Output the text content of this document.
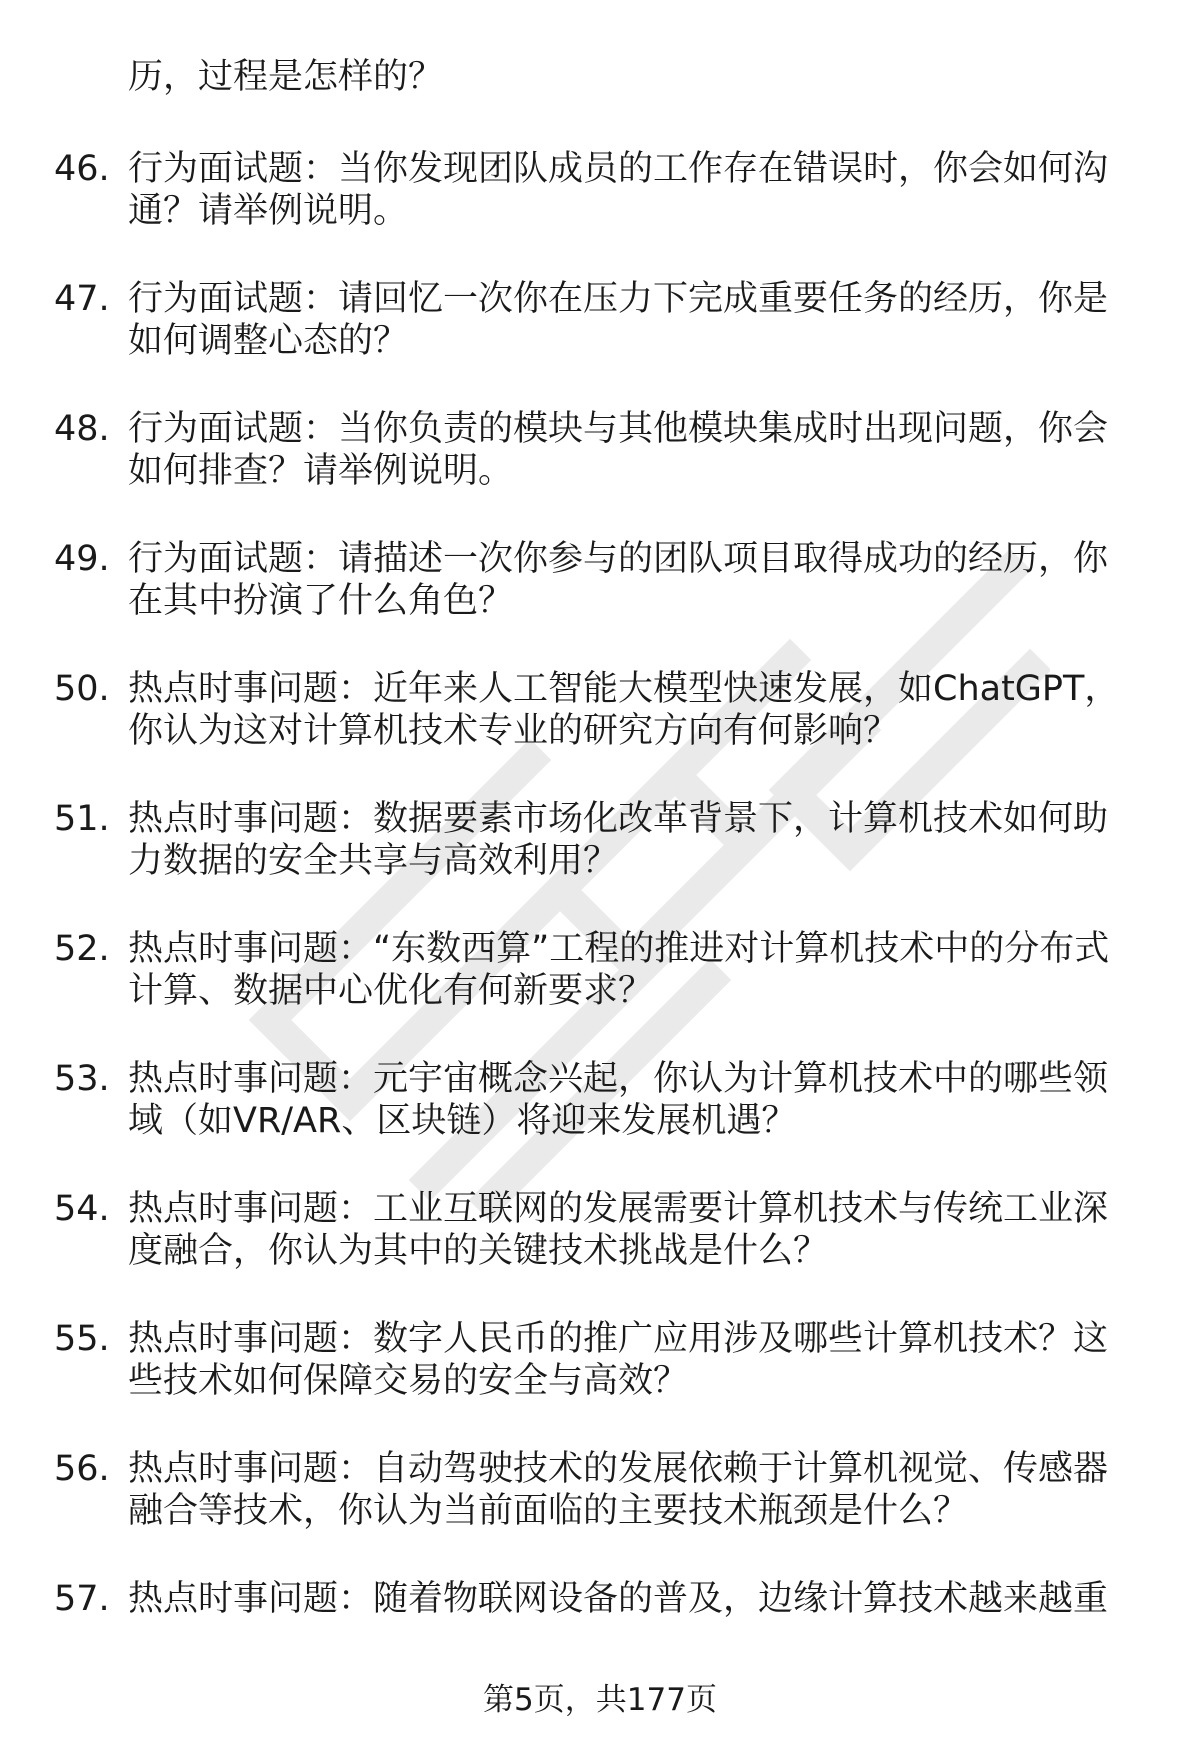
历，过程是怎样的？

46. 行为面试题：当你发现团队成员的工作存在错误时，你会如何沟通？请举例说明。

47. 行为面试题：请回忆一次你在压力下完成重要任务的经历，你是如何调整心态的？

48. 行为面试题：当你负责的模块与其他模块集成时出现问题，你会如何排查？请举例说明。

49. 行为面试题：请描述一次你参与的团队项目取得成功的经历，你在其中扮演了什么角色？

50. 热点时事问题：近年来人工智能大模型快速发展，如ChatGPT，你认为这对计算机技术专业的研究方向有何影响？

51. 热点时事问题：数据要素市场化改革背景下，计算机技术如何助力数据的安全共享与高效利用？

52. 热点时事问题：“东数西算”工程的推进对计算机技术中的分布式计算、数据中心优化有何新要求？

53. 热点时事问题：元宇宙概念兴起，你认为计算机技术中的哪些领域（如VR/AR、区块链）将迎来发展机遇？

54. 热点时事问题：工业互联网的发展需要计算机技术与传统工业深度融合，你认为其中的关键技术挑战是什么？

55. 热点时事问题：数字人民币的推广应用涉及哪些计算机技术？这些技术如何保障交易的安全与高效？

56. 热点时事问题：自动驾驶技术的发展依赖于计算机视觉、传感器融合等技术，你认为当前面临的主要技术瓶颈是什么？

57. 热点时事问题：随着物联网设备的普及，边缘计算技术越来越重

第5页，共177页
